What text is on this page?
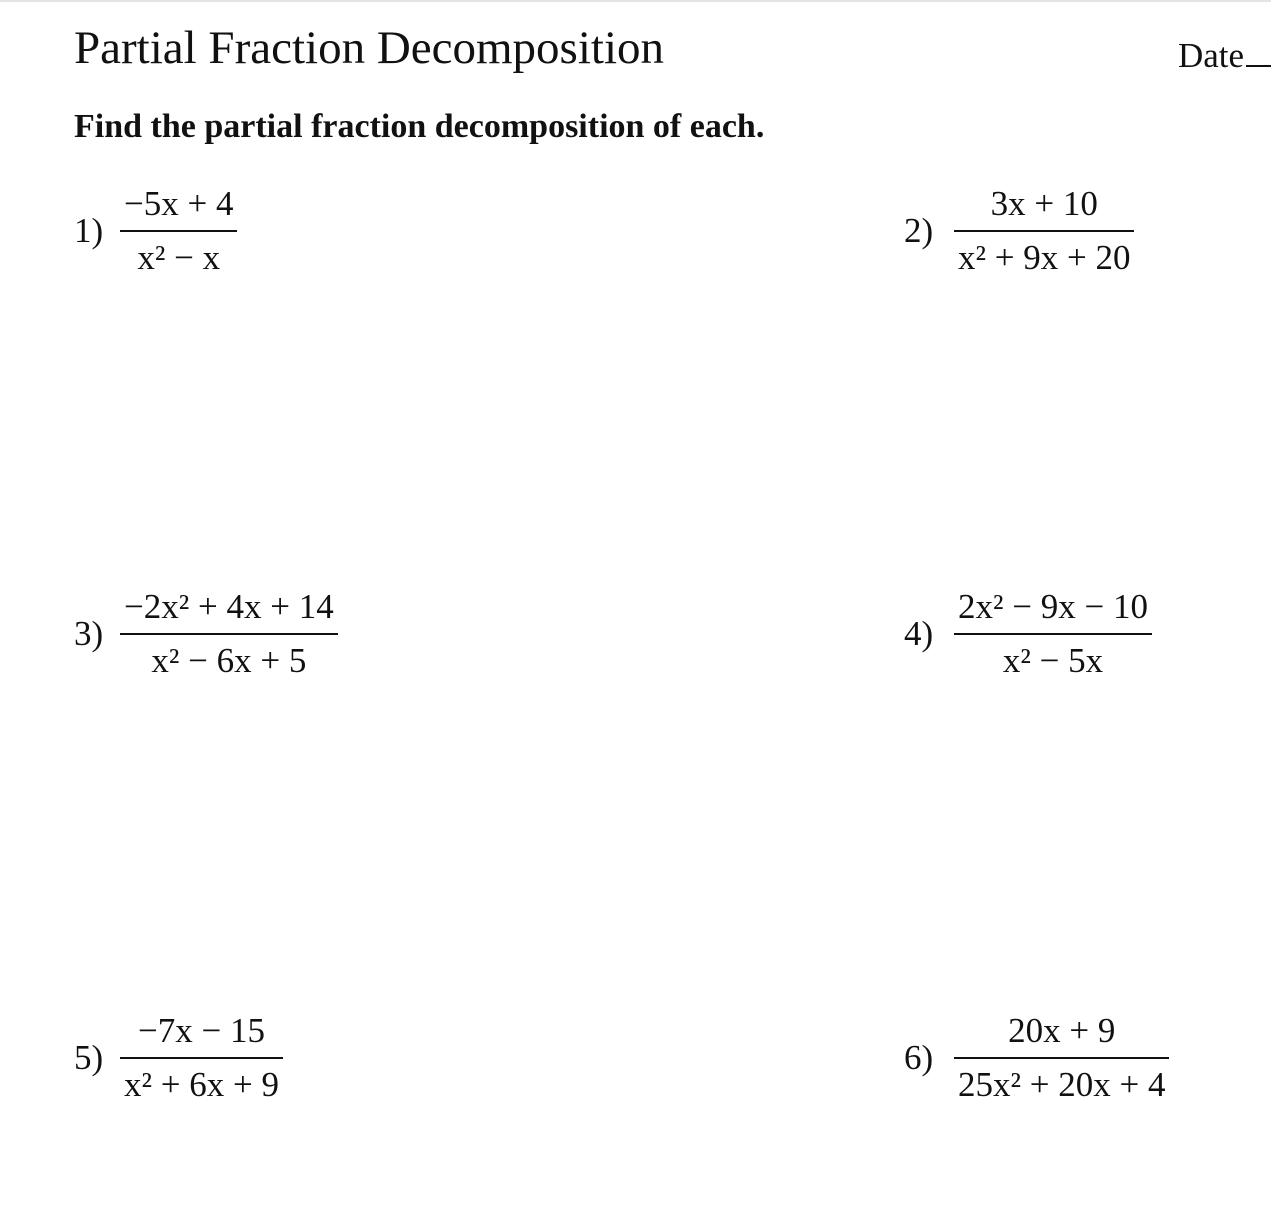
Partial Fraction Decomposition	Date
Find the partial fraction decomposition of each.
$1) \frac{-5x + 4}{\text{x² − x}}$	$2) \frac{3x + 10}{\text{x² + 9x + 20}}$
$3) \frac{\text{−2x² + 4x + 14}}{\text{x² − 6x + 5}}$	$4) \frac{\text{2x² − 9x − 10}}{\text{x² − 5x}}$
$5) \frac{-7x - 15}{\text{x² + 6x + 9}}$	$6) \frac{20x + 9}{\text{25x² + 20x + 4}}$
